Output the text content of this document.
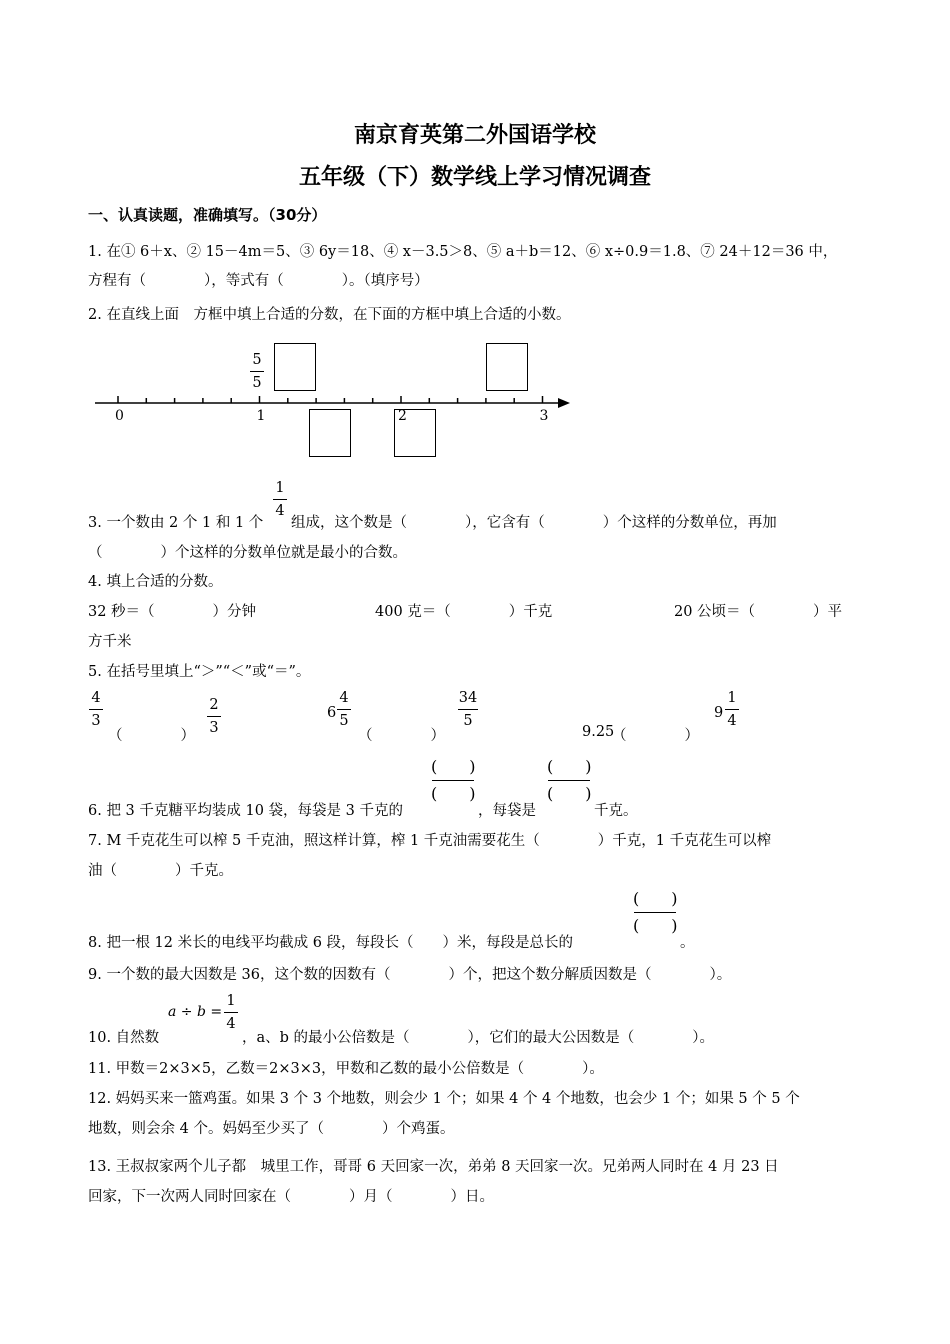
南京育英第二外国语学校
五年级（下）数学线上学习情况调查
一、认真读题，准确填写。（30分）
1. 在① 6＋x、② 15－4m＝5、③ 6y＝18、④ x－3.5＞8、⑤ a＋b＝12、⑥ x÷0.9＝1.8、⑦ 24＋12＝36 中，
方程有（　　　　），等式有（　　　　）。（填序号）
2. 在直线上面　方框中填上合适的分数，在下面的方框中填上合适的小数。
0	1	2	3
5
5
3. 一个数由 2 个 1 和 1 个
1
4
组成，这个数是（　　　　），它含有（　　　　）个这样的分数单位，再加
（　　　　）个这样的分数单位就是最小的合数。
4. 填上合适的分数。
32 秒＝（　　　　）分钟	400 克＝（　　　　）千克	20 公顷＝（　　　　）平
方千米
5. 在括号里填上“＞”“＜”或“＝”。
4
3
（　　　　）
2
3
6
4
5
（　　　　）
34
5
9.25
（　　　　）
9
1
4
6. 把 3 千克糖平均装成 10 袋，每袋是 3 千克的
(　　)
(　　)
，每袋是
(　　)
(　　)
千克。
7. M 千克花生可以榨 5 千克油，照这样计算，榨 1 千克油需要花生（　　　　）千克，1 千克花生可以榨
油（　　　　）千克。
8. 把一根 12 米长的电线平均截成 6 段，每段长（　　）米，每段是总长的
(　　)
(　　)
。
9. 一个数的最大因数是 36，这个数的因数有（　　　　）个，把这个数分解质因数是（　　　　）。
10. 自然数
a ÷ b =
1
4
，a、b 的最小公倍数是（　　　　），它们的最大公因数是（　　　　）。
11. 甲数＝2×3×5，乙数＝2×3×3，甲数和乙数的最小公倍数是（　　　　）。
12. 妈妈买来一篮鸡蛋。如果 3 个 3 个地数，则会少 1 个；如果 4 个 4 个地数，也会少 1 个；如果 5 个 5 个
地数，则会余 4 个。妈妈至少买了（　　　　）个鸡蛋。
13. 王叔叔家两个儿子都　城里工作，哥哥 6 天回家一次，弟弟 8 天回家一次。兄弟两人同时在 4 月 23 日
回家，下一次两人同时回家在（　　　　）月（　　　　）日。
